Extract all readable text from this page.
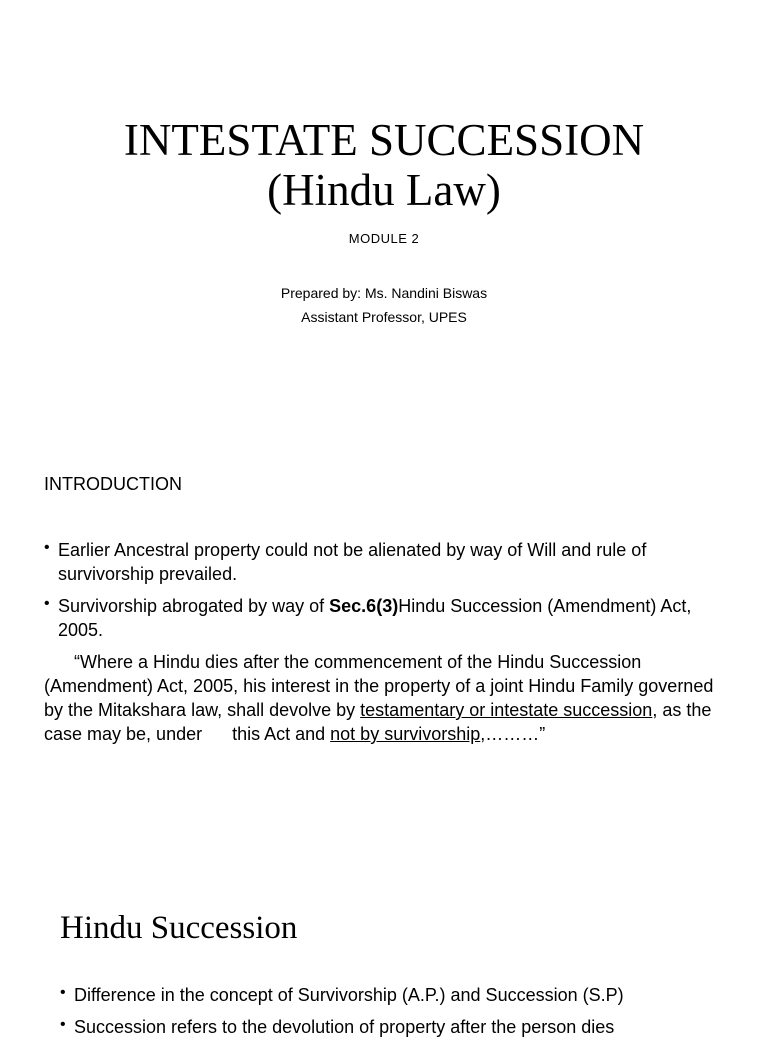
INTESTATE SUCCESSION
(Hindu Law)
MODULE 2
Prepared by: Ms. Nandini Biswas
Assistant Professor, UPES
INTRODUCTION
• Earlier Ancestral property could not be alienated by way of Will and rule of survivorship prevailed.
• Survivorship abrogated by way of Sec.6(3)Hindu Succession (Amendment) Act, 2005.

“Where a Hindu dies after the commencement of the Hindu Succession (Amendment) Act, 2005, his interest in the property of a joint Hindu Family governed by the Mitakshara law, shall devolve by testamentary or intestate succession, as the case may be, under      this Act and not by survivorship,………”

Hindu Succession
• Difference in the concept of Survivorship (A.P.) and Succession (S.P)
• Succession refers to the devolution of property after the person dies
